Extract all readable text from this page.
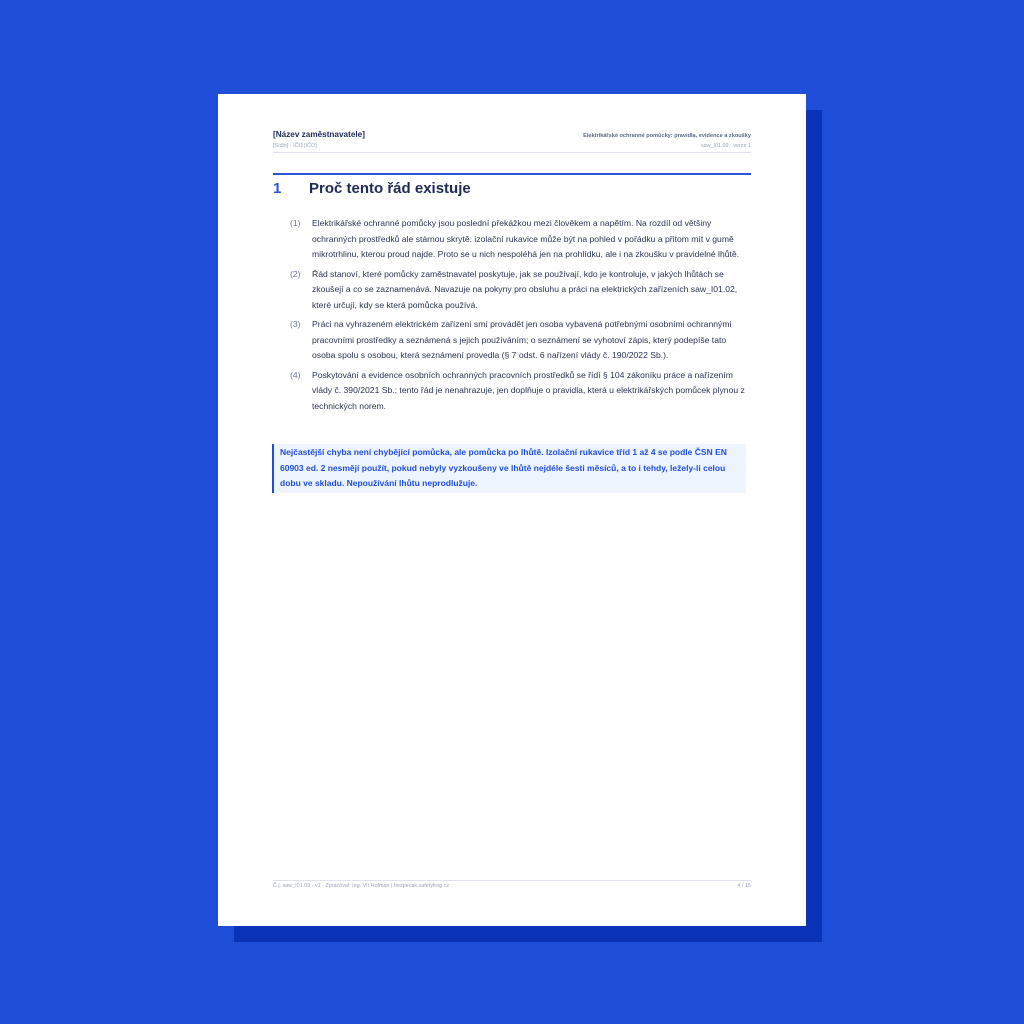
[Název zaměstnavatele]	Elektrikářské ochranné pomůcky: pravidla, evidence a zkoušky
[Sídlo] · IČO [IČO]	saw_I01.09 · verze 1
1	Proč tento řád existuje
(1)	Elektrikářské ochranné pomůcky jsou poslední překážkou mezi člověkem a napětím. Na rozdíl od většiny ochranných prostředků ale stárnou skrytě: izolační rukavice může být na pohled v pořádku a přitom mít v gumě mikrotrhlinu, kterou proud najde. Proto se u nich nespoléhá jen na prohlídku, ale i na zkoušku v pravidelné lhůtě.
(2)	Řád stanoví, které pomůcky zaměstnavatel poskytuje, jak se používají, kdo je kontroluje, v jakých lhůtách se zkoušejí a co se zaznamenává. Navazuje na pokyny pro obsluhu a práci na elektrických zařízeních saw_I01.02, které určují, kdy se která pomůcka používá.
(3)	Práci na vyhrazeném elektrickém zařízení smí provádět jen osoba vybavená potřebnými osobními ochrannými pracovními prostředky a seznámená s jejich používáním; o seznámení se vyhotoví zápis, který podepíše tato osoba spolu s osobou, která seznámení provedla (§ 7 odst. 6 nařízení vlády č. 190/2022 Sb.).
(4)	Poskytování a evidence osobních ochranných pracovních prostředků se řídí § 104 zákoníku práce a nařízením vlády č. 390/2021 Sb.; tento řád je nenahrazuje, jen doplňuje o pravidla, která u elektrikářských pomůcek plynou z technických norem.
Nejčastější chyba není chybějící pomůcka, ale pomůcka po lhůtě. Izolační rukavice tříd 1 až 4 se podle ČSN EN 60903 ed. 2 nesmějí použít, pokud nebyly vyzkoušeny ve lhůtě nejdéle šesti měsíců, a to i tehdy, ležely-li celou dobu ve skladu. Nepoužívání lhůtu neprodlužuje.
Č.j. saw_I01.09 · v1 · Zpracoval: Ing. Vít Hofman | bezpecak.safetyfrog.cz	4 / 15
